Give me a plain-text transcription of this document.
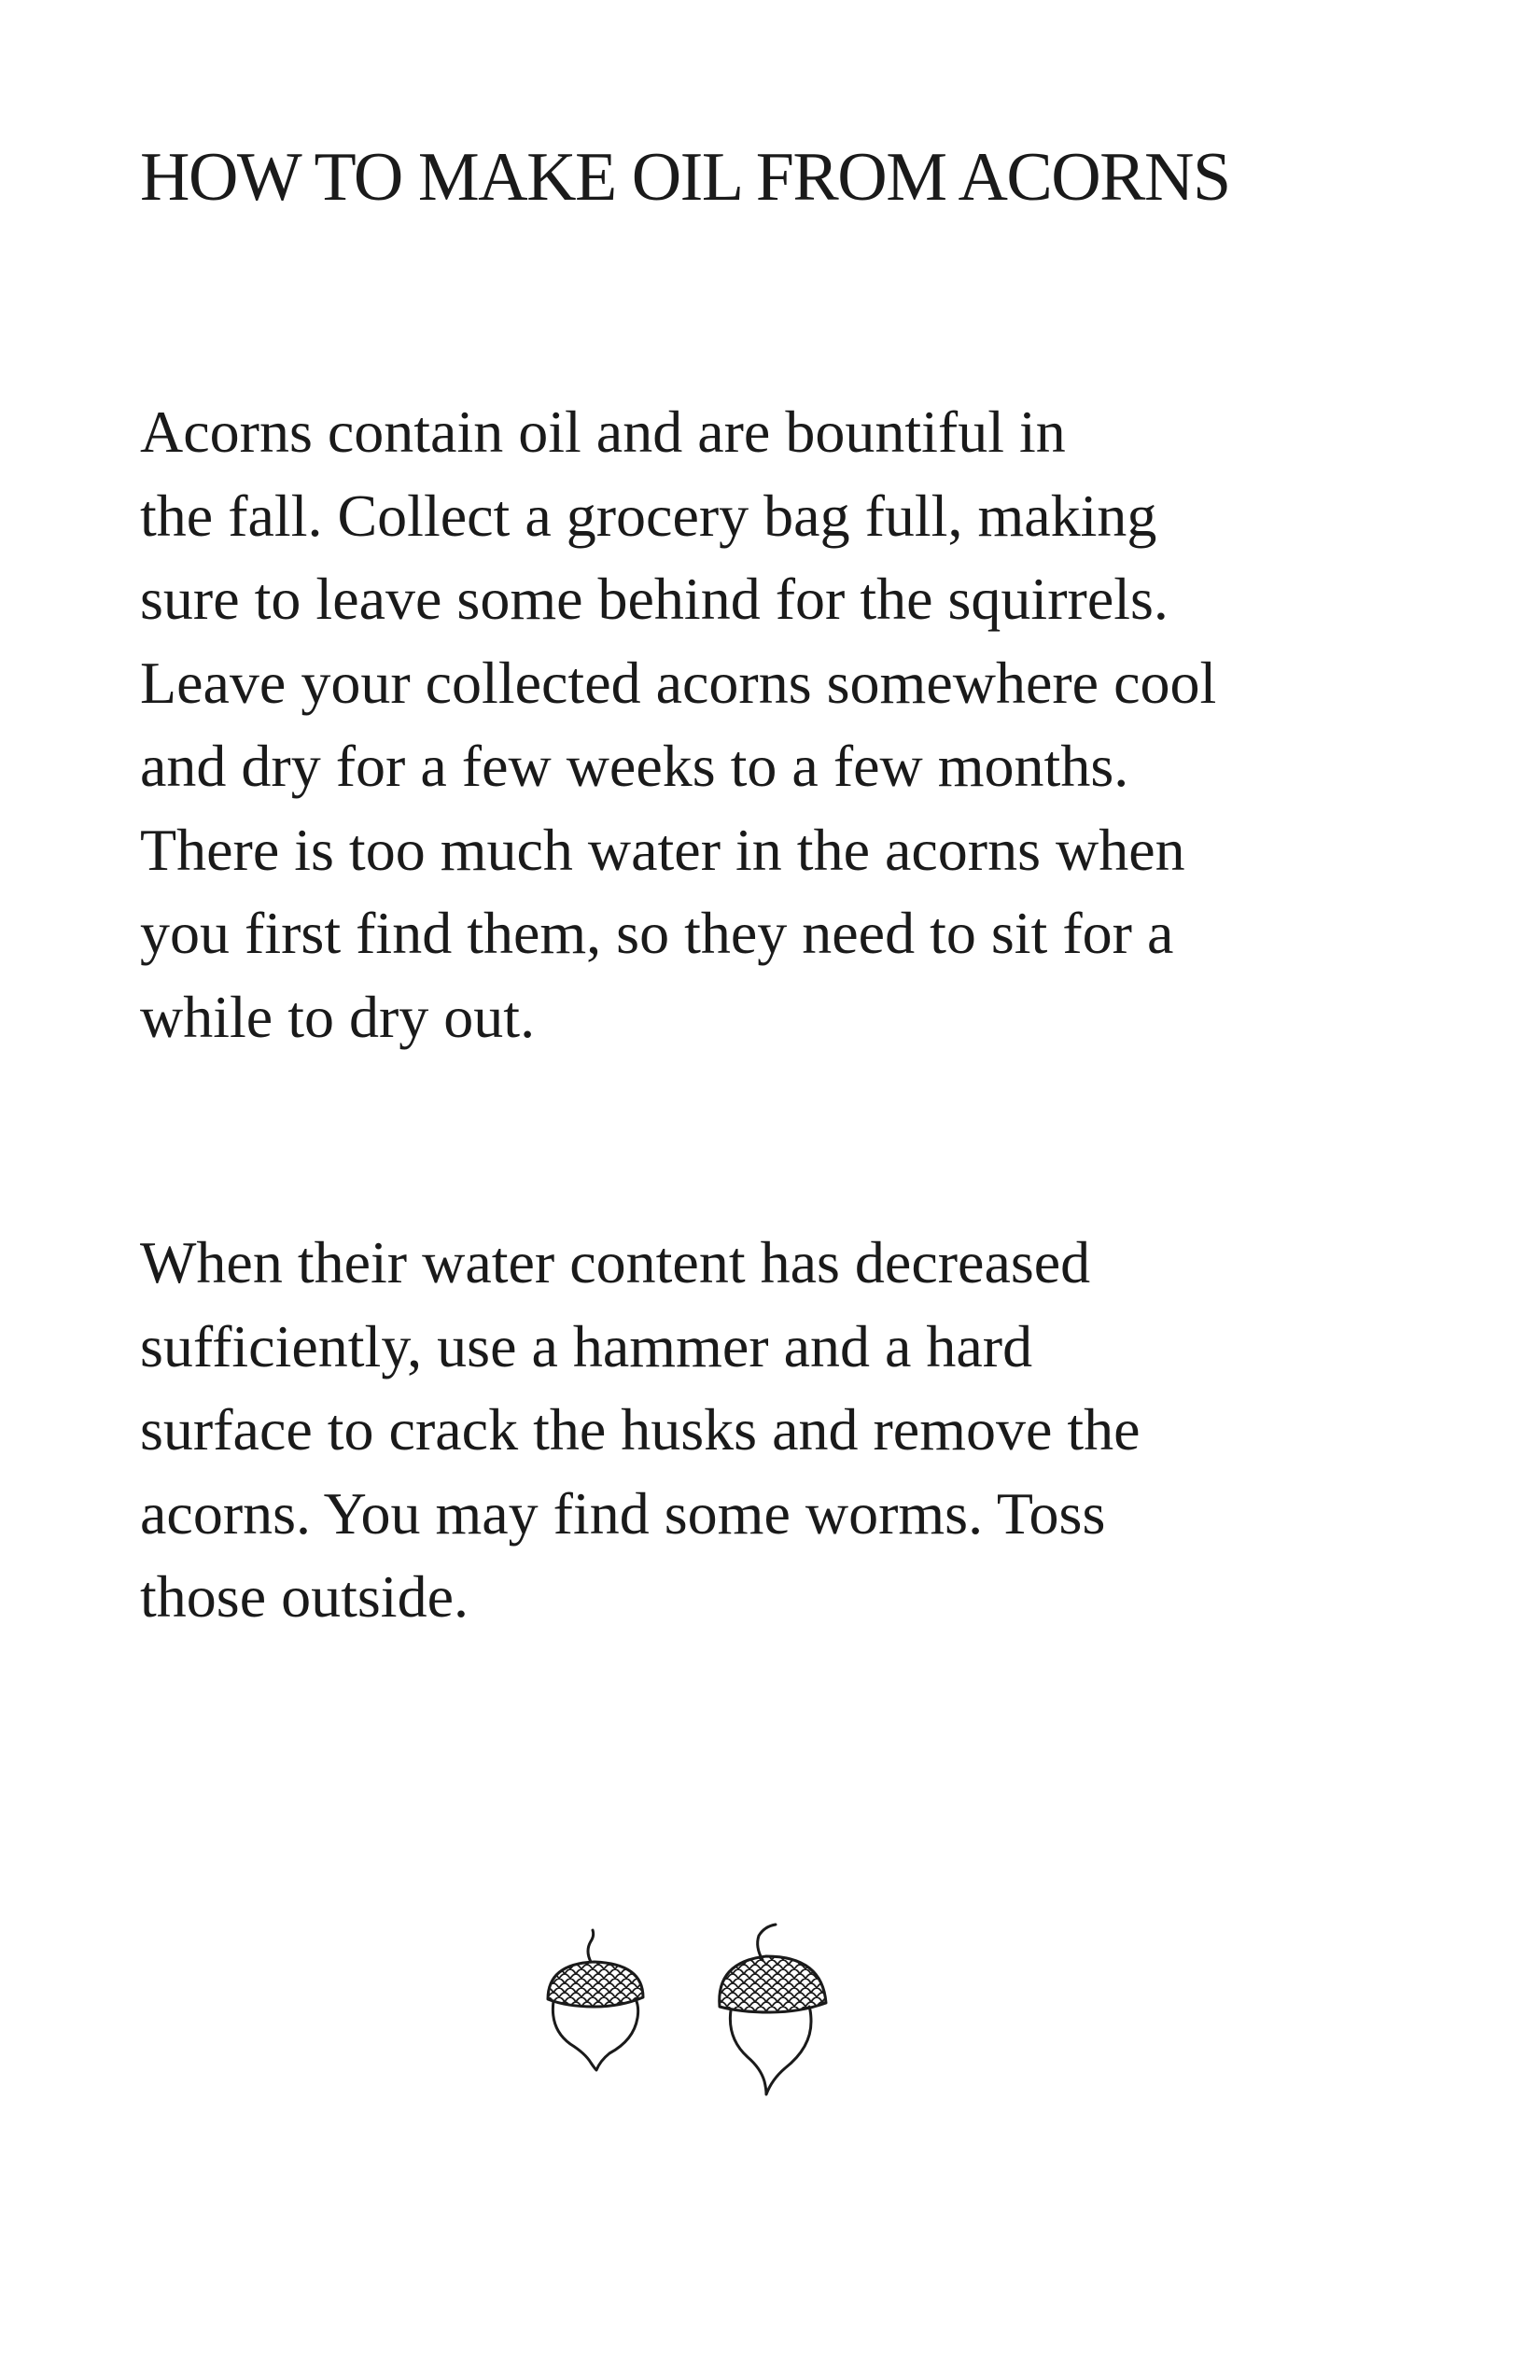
HOW TO MAKE OIL FROM ACORNS
Acorns contain oil and are bountiful in
the fall. Collect a grocery bag full, making
sure to leave some behind for the squirrels.
Leave your collected acorns somewhere cool
and dry for a few weeks to a few months.
There is too much water in the acorns when
you first find them, so they need to sit for a
while to dry out.
When their water content has decreased
sufficiently, use a hammer and a hard
surface to crack the husks and remove the
acorns. You may find some worms. Toss
those outside.
